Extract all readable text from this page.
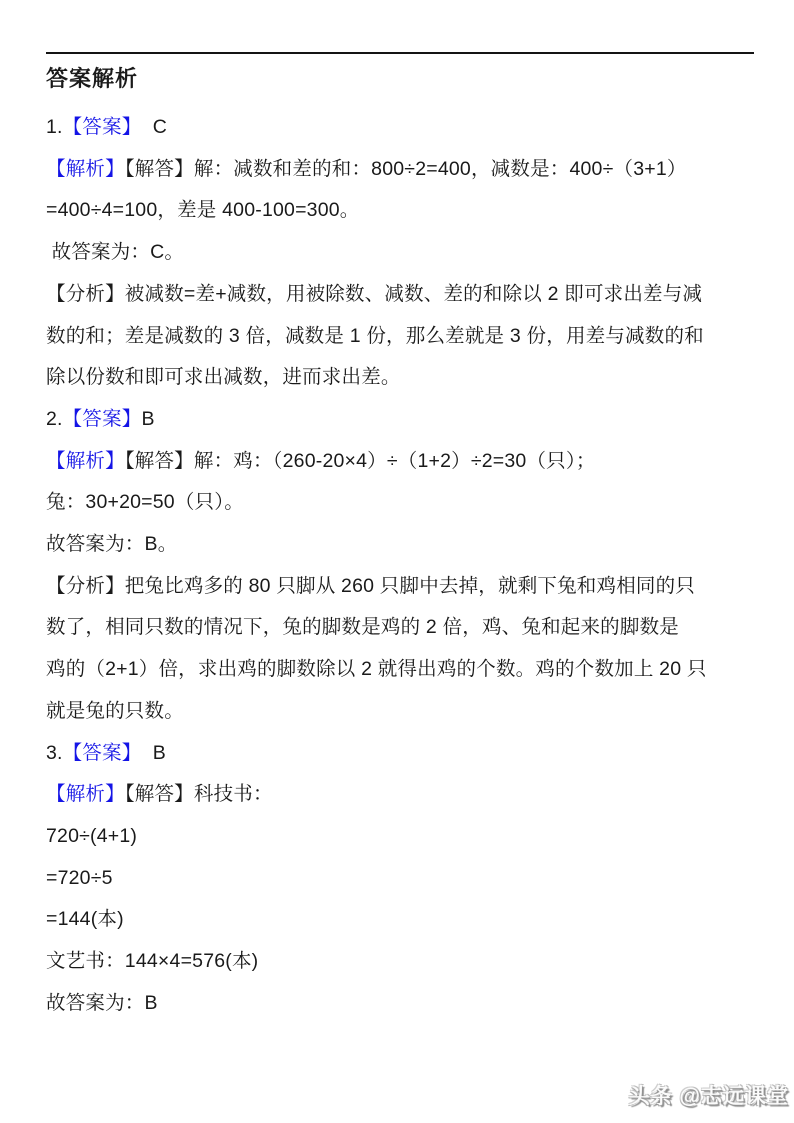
答案解析

1.【答案】  C

【解析】【解答】解：减数和差的和：800÷2=400，减数是：400÷（3+1）

=400÷4=100，差是 400-100=300。

故答案为：C。

【分析】被减数=差+减数，用被除数、减数、差的和除以 2 即可求出差与减

数的和；差是减数的 3 倍，减数是 1 份，那么差就是 3 份，用差与减数的和

除以份数和即可求出减数，进而求出差。

2.【答案】B

【解析】【解答】解：鸡：（260-20×4）÷（1+2）÷2=30（只）；

兔：30+20=50（只）。

故答案为：B。

【分析】把兔比鸡多的 80 只脚从 260 只脚中去掉，就剩下兔和鸡相同的只

数了，相同只数的情况下，兔的脚数是鸡的 2 倍，鸡、兔和起来的脚数是

鸡的（2+1）倍，求出鸡的脚数除以 2 就得出鸡的个数。鸡的个数加上 20 只

就是兔的只数。

3.【答案】  B

【解析】【解答】科技书：

720÷(4+1)

=720÷5

=144(本)

文艺书：144×4=576(本)

故答案为：B

头条 @志远课堂
